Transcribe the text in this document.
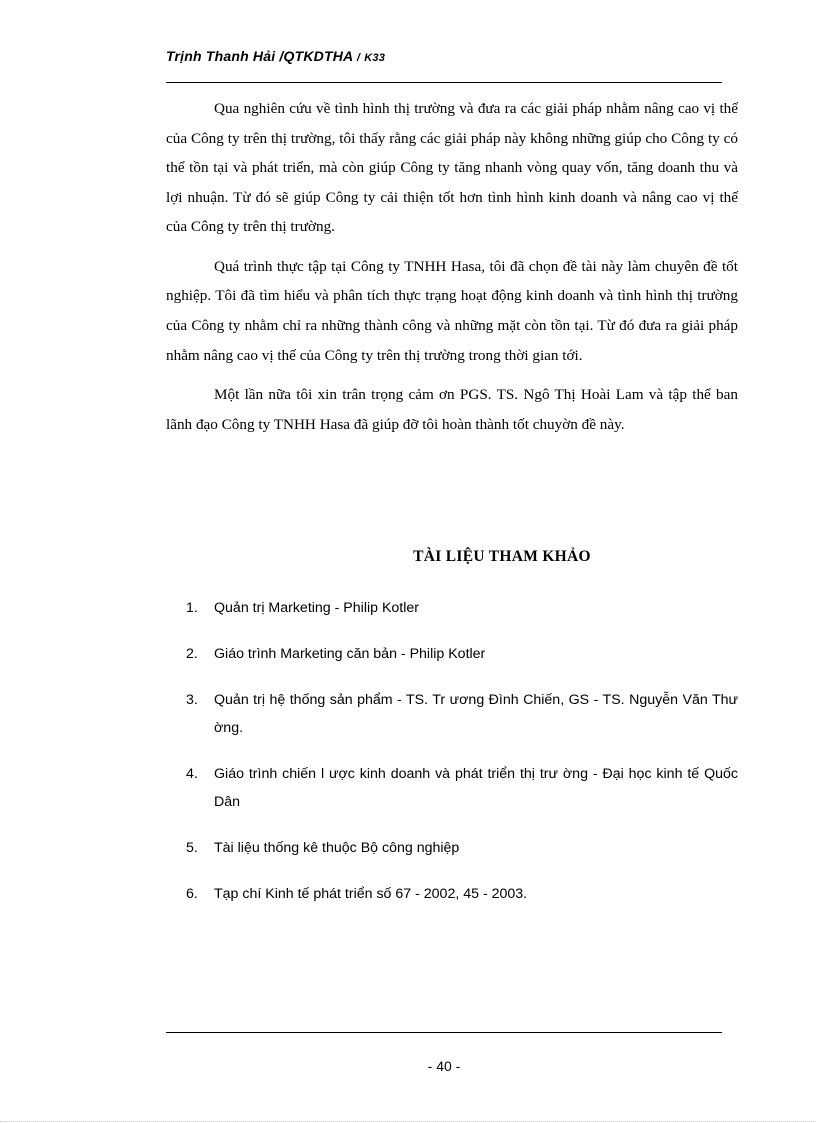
Trịnh Thanh Hải /QTKDTHA / K33

Qua nghiên cứu về tình hình thị trường và đưa ra các giải pháp nhằm nâng cao vị thế của Công ty trên thị trường, tôi thấy rằng các giải pháp này không những giúp cho Công ty có thể tồn tại và phát triển, mà còn giúp Công ty tăng nhanh vòng quay vốn, tăng doanh thu và lợi nhuận. Từ đó sẽ giúp Công ty cải thiện tốt hơn tình hình kinh doanh và nâng cao vị thế của Công ty trên thị trường.

Quá trình thực tập tại Công ty TNHH Hasa, tôi đã chọn đề tài này làm chuyên đề tốt nghiệp. Tôi đã tìm hiểu và phân tích thực trạng hoạt động kinh doanh và tình hình thị trường của Công ty nhằm chỉ ra những thành công và những mặt còn tồn tại. Từ đó đưa ra giải pháp nhằm nâng cao vị thế của Công ty trên thị trường trong thời gian tới.

Một lần nữa tôi xin trân trọng cảm ơn PGS. TS. Ngô Thị Hoài Lam và tập thể ban lãnh đạo Công ty TNHH Hasa đã giúp đỡ tôi hoàn thành tốt chuyờn đề này.

TÀI LIỆU THAM KHẢO
1.	Quản trị Marketing - Philip Kotler
2.	Giáo trình Marketing căn bản - Philip Kotler
3.	Quản trị hệ thống sản phẩm - TS. Tr ương Đình Chiến, GS - TS. Nguyễn Văn Thư ờng.
4.	Giáo trình chiến l ược kinh doanh và phát triển thị trư ờng - Đại học kinh tế Quốc Dân
5.	Tài liệu thống kê thuộc Bộ công nghiệp
6.	Tạp chí Kinh tế phát triển số 67 - 2002, 45 - 2003.
- 40 -
